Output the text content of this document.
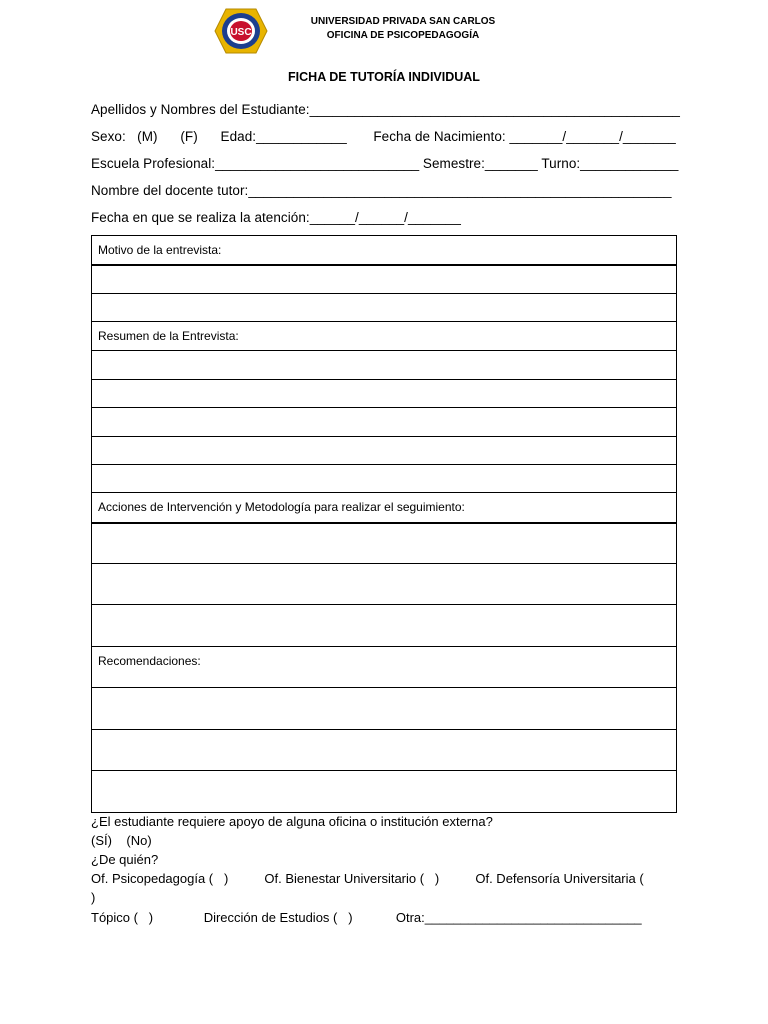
USC
UNIVERSIDAD PRIVADA SAN CARLOS
OFICINA DE PSICOPEDAGOGÍA
FICHA DE TUTORÍA INDIVIDUAL
Apellidos y Nombres del Estudiante:_________________________________________________
Sexo:   (M)      (F)      Edad:____________       Fecha de Nacimiento: _______/_______/_______
Escuela Profesional:___________________________ Semestre:_______ Turno:_____________
Nombre del docente tutor:________________________________________________________
Fecha en que se realiza la atención:______/______/_______
Motivo de la entrevista:

Resumen de la Entrevista:

Acciones de Intervención y Metodología para realizar el seguimiento:

Recomendaciones:

¿El estudiante requiere apoyo de alguna oficina o institución externa?
(SÍ)    (No)
¿De quién?
Of. Psicopedagogía (   )          Of. Bienestar Universitario (   )          Of. Defensoría Universitaria (
)
Tópico (   )              Dirección de Estudios (   )            Otra:______________________________
